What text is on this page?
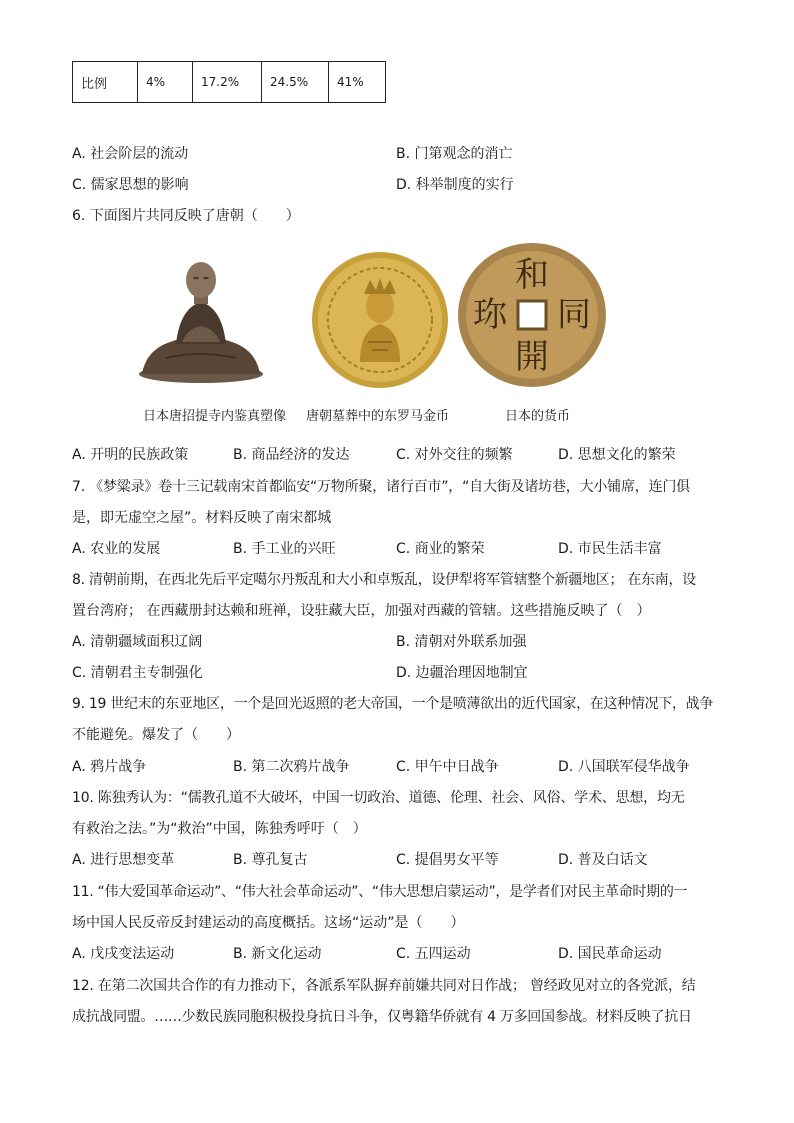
比例	4%	17.2%	24.5%	41%
A. 社会阶层的流动	B. 门第观念的消亡
C. 儒家思想的影响	D. 科举制度的实行
6. 下面图片共同反映了唐朝（　　）
和
同
開
珎
日本唐招提寺内鉴真塑像 唐朝墓葬中的东罗马金币	日本的货币
A. 开明的民族政策	B. 商品经济的发达	C. 对外交往的频繁	D. 思想文化的繁荣
7. 《梦粱录》卷十三记载南宋首都临安“万物所聚，诸行百市”，“自大街及诸坊巷，大小铺席，连门俱
是，即无虚空之屋”。材料反映了南宋都城
A. 农业的发展	B. 手工业的兴旺	C. 商业的繁荣	D. 市民生活丰富
8. 清朝前期，在西北先后平定噶尔丹叛乱和大小和卓叛乱，设伊犁将军管辖整个新疆地区； 在东南，设
置台湾府； 在西藏册封达赖和班禅，设驻藏大臣，加强对西藏的管辖。这些措施反映了（　）
A. 清朝疆域面积辽阔	B. 清朝对外联系加强
C. 清朝君主专制强化	D. 边疆治理因地制宜
9. 19 世纪末的东亚地区，一个是回光返照的老大帝国，一个是喷薄欲出的近代国家，在这种情况下，战争
不能避免。爆发了（　　）
A. 鸦片战争	B. 第二次鸦片战争	C. 甲午中日战争	D. 八国联军侵华战争
10. 陈独秀认为：“儒教孔道不大破坏，中国一切政治、道德、伦理、社会、风俗、学术、思想，均无
有救治之法。”为“救治”中国，陈独秀呼吁（　）
A. 进行思想变革	B. 尊孔复古	C. 提倡男女平等	D. 普及白话文
11. “伟大爱国革命运动”、“伟大社会革命运动”、“伟大思想启蒙运动”，是学者们对民主革命时期的一
场中国人民反帝反封建运动的高度概括。这场“运动”是（　　）
A. 戊戌变法运动	B. 新文化运动	C. 五四运动	D. 国民革命运动
12. 在第二次国共合作的有力推动下，各派系军队摒弃前嫌共同对日作战； 曾经政见对立的各党派，结
成抗战同盟。……少数民族同胞积极投身抗日斗争，仅粤籍华侨就有 4 万多回国参战。材料反映了抗日
